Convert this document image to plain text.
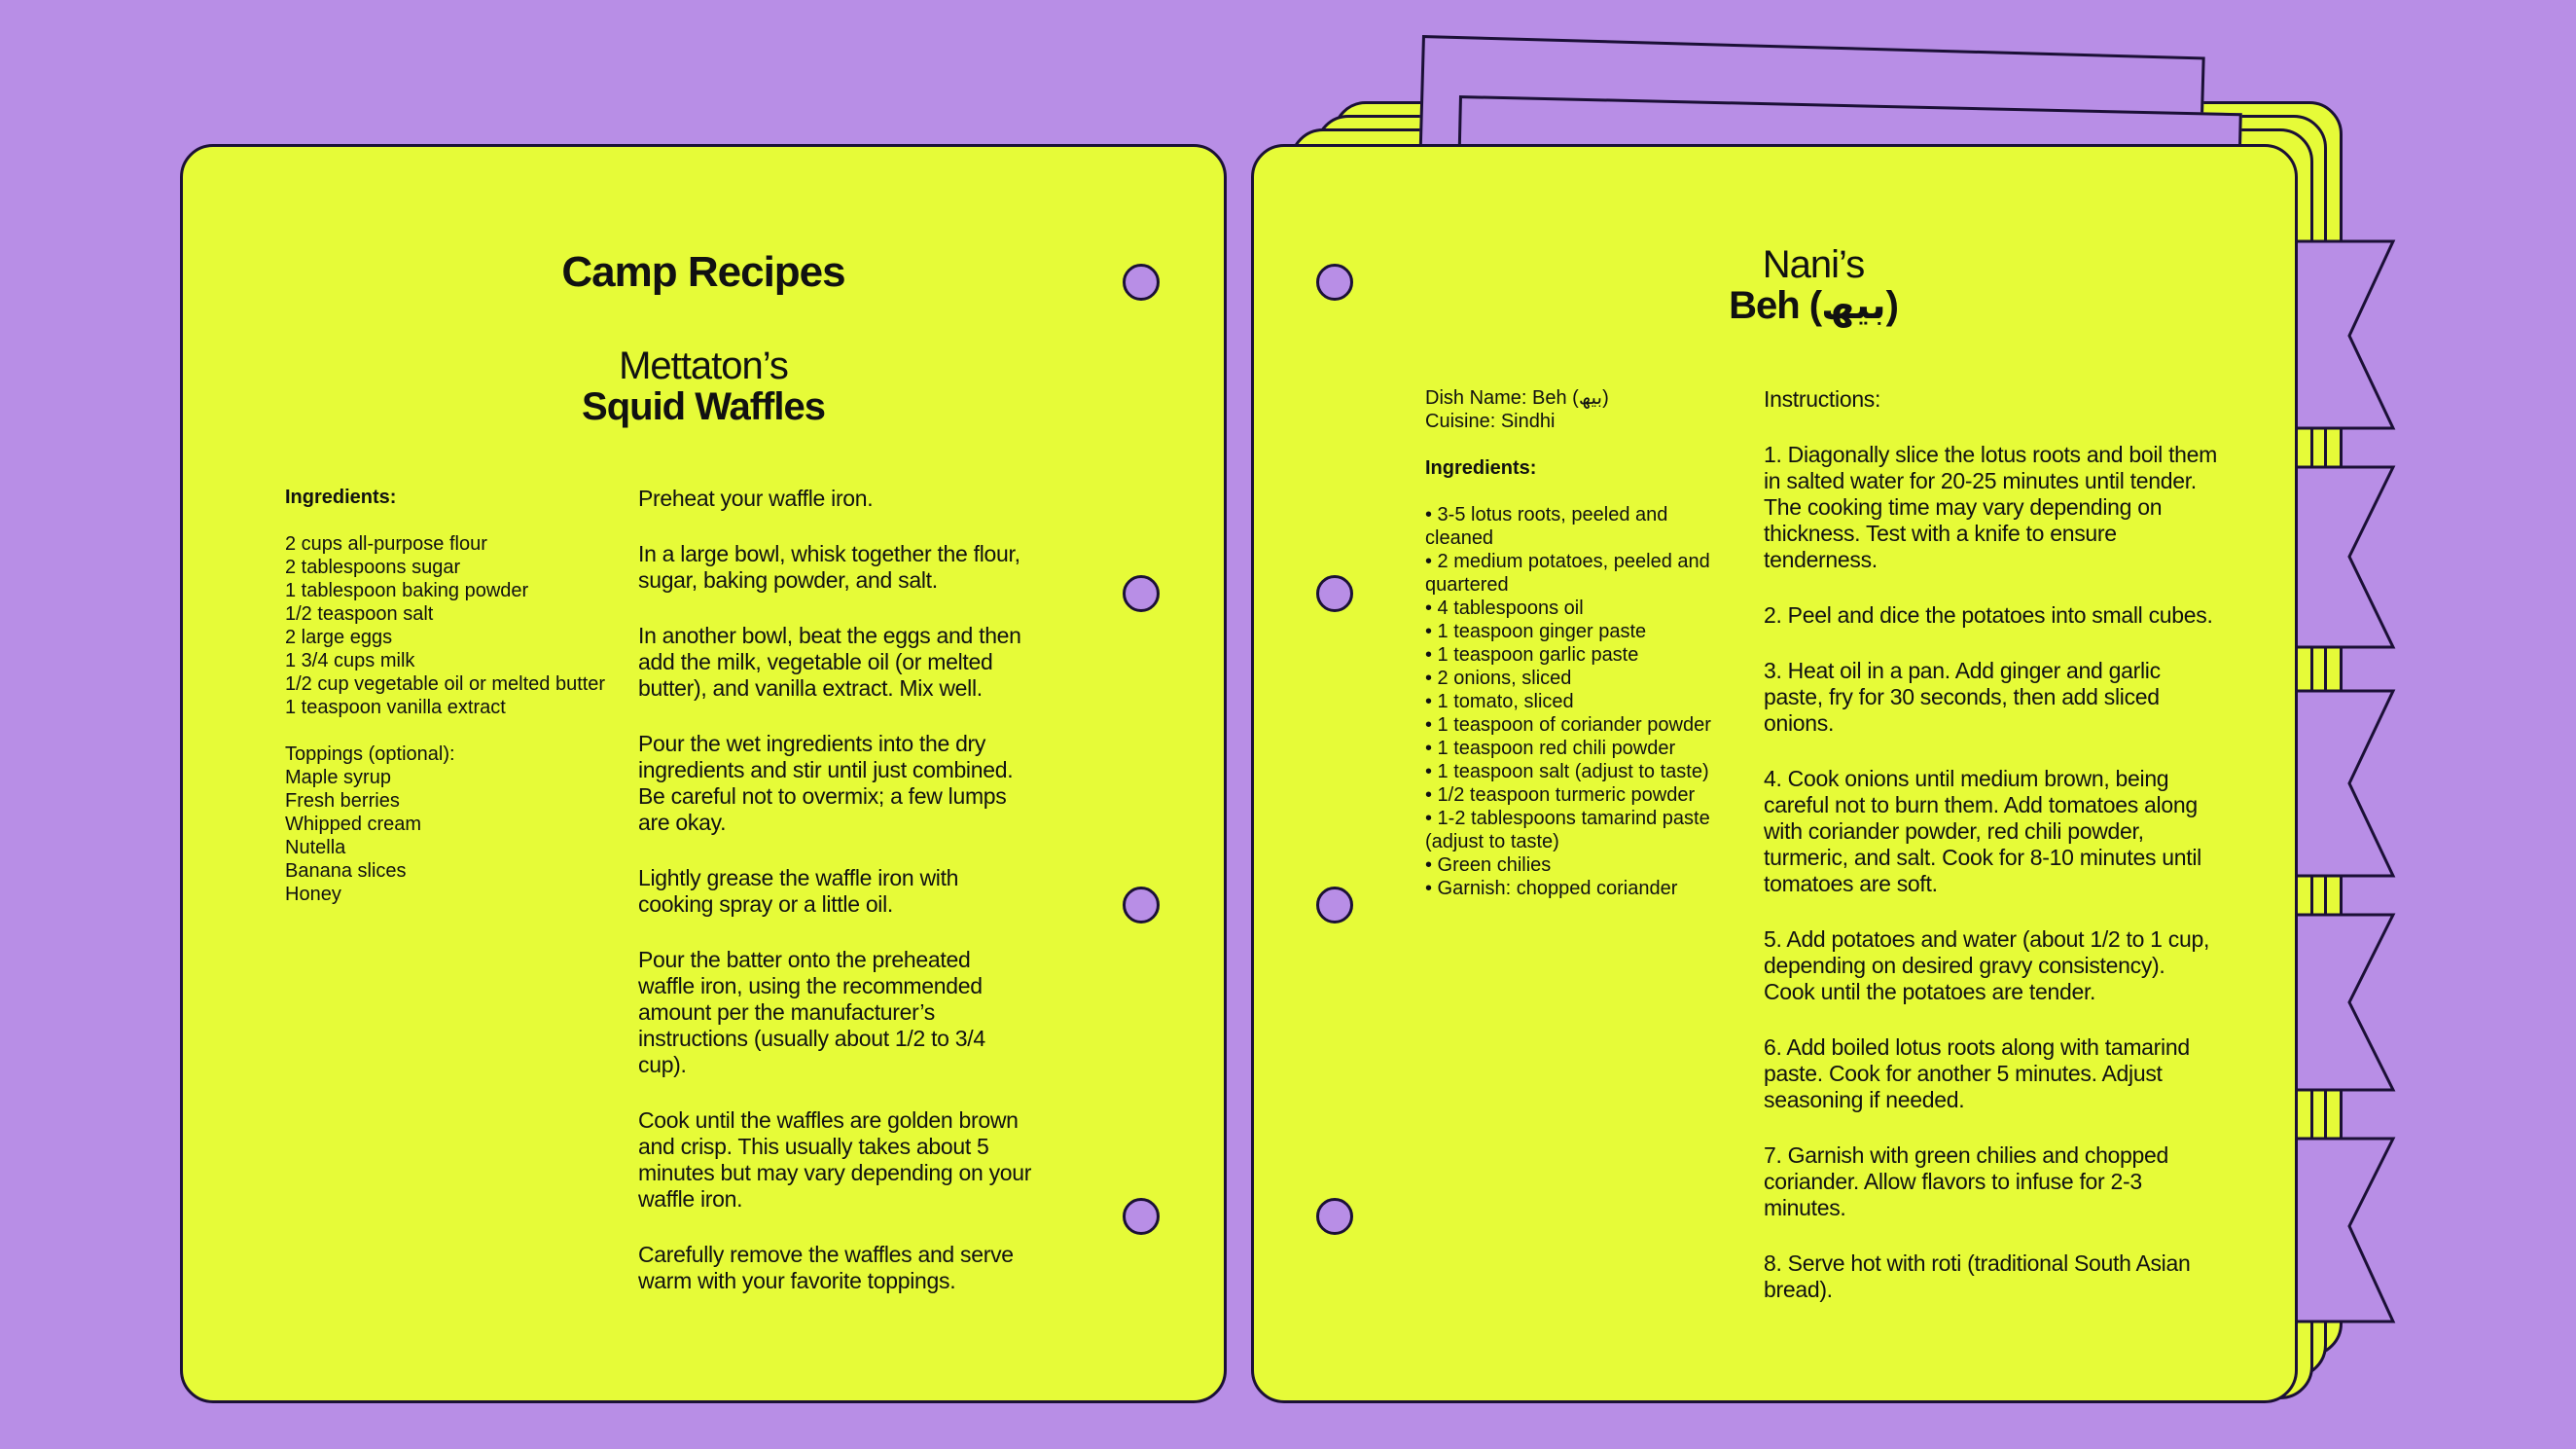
Camp Recipes
Mettaton’s
Squid Waffles
Ingredients:
2 cups all-purpose flour
2 tablespoons sugar
1 tablespoon baking powder
1/2 teaspoon salt
2 large eggs
1 3/4 cups milk
1/2 cup vegetable oil or melted butter
1 teaspoon vanilla extract
Toppings (optional):
Maple syrup
Fresh berries
Whipped cream
Nutella
Banana slices
Honey

Preheat your waffle iron.

In a large bowl, whisk together the flour, sugar, baking powder, and salt.

In another bowl, beat the eggs and then add the milk, vegetable oil (or melted butter), and vanilla extract. Mix well.

Pour the wet ingredients into the dry ingredients and stir until just combined. Be careful not to overmix; a few lumps are okay.

Lightly grease the waffle iron with cooking spray or a little oil.

Pour the batter onto the preheated waffle iron, using the recommended amount per the manufacturer’s instructions (usually about 1/2 to 3/4 cup).

Cook until the waffles are golden brown and crisp. This usually takes about 5 minutes but may vary depending on your waffle iron.

Carefully remove the waffles and serve warm with your favorite toppings.

Nani’s
Beh (بیھ)
Dish Name: Beh (بیھ)
Cuisine: Sindhi
Ingredients:
• 3-5 lotus roots, peeled and cleaned
• 2 medium potatoes, peeled and quartered
• 4 tablespoons oil
• 1 teaspoon ginger paste
• 1 teaspoon garlic paste
• 2 onions, sliced
• 1 tomato, sliced
• 1 teaspoon of coriander powder
• 1 teaspoon red chili powder
• 1 teaspoon salt (adjust to taste)
• 1/2 teaspoon turmeric powder
• 1-2 tablespoons tamarind paste (adjust to taste)
• Green chilies
• Garnish: chopped coriander

Instructions:

1. Diagonally slice the lotus roots and boil them in salted water for 20-25 minutes until tender. The cooking time may vary depending on thickness. Test with a knife to ensure tenderness.

2. Peel and dice the potatoes into small cubes.

3. Heat oil in a pan. Add ginger and garlic paste, fry for 30 seconds, then add sliced onions.

4. Cook onions until medium brown, being careful not to burn them. Add tomatoes along with coriander powder, red chili powder, turmeric, and salt. Cook for 8-10 minutes until tomatoes are soft.

5. Add potatoes and water (about 1/2 to 1 cup, depending on desired gravy consistency). Cook until the potatoes are tender.

6. Add boiled lotus roots along with tamarind paste. Cook for another 5 minutes. Adjust seasoning if needed.

7. Garnish with green chilies and chopped coriander. Allow flavors to infuse for 2-3 minutes.

8. Serve hot with roti (traditional South Asian bread).
